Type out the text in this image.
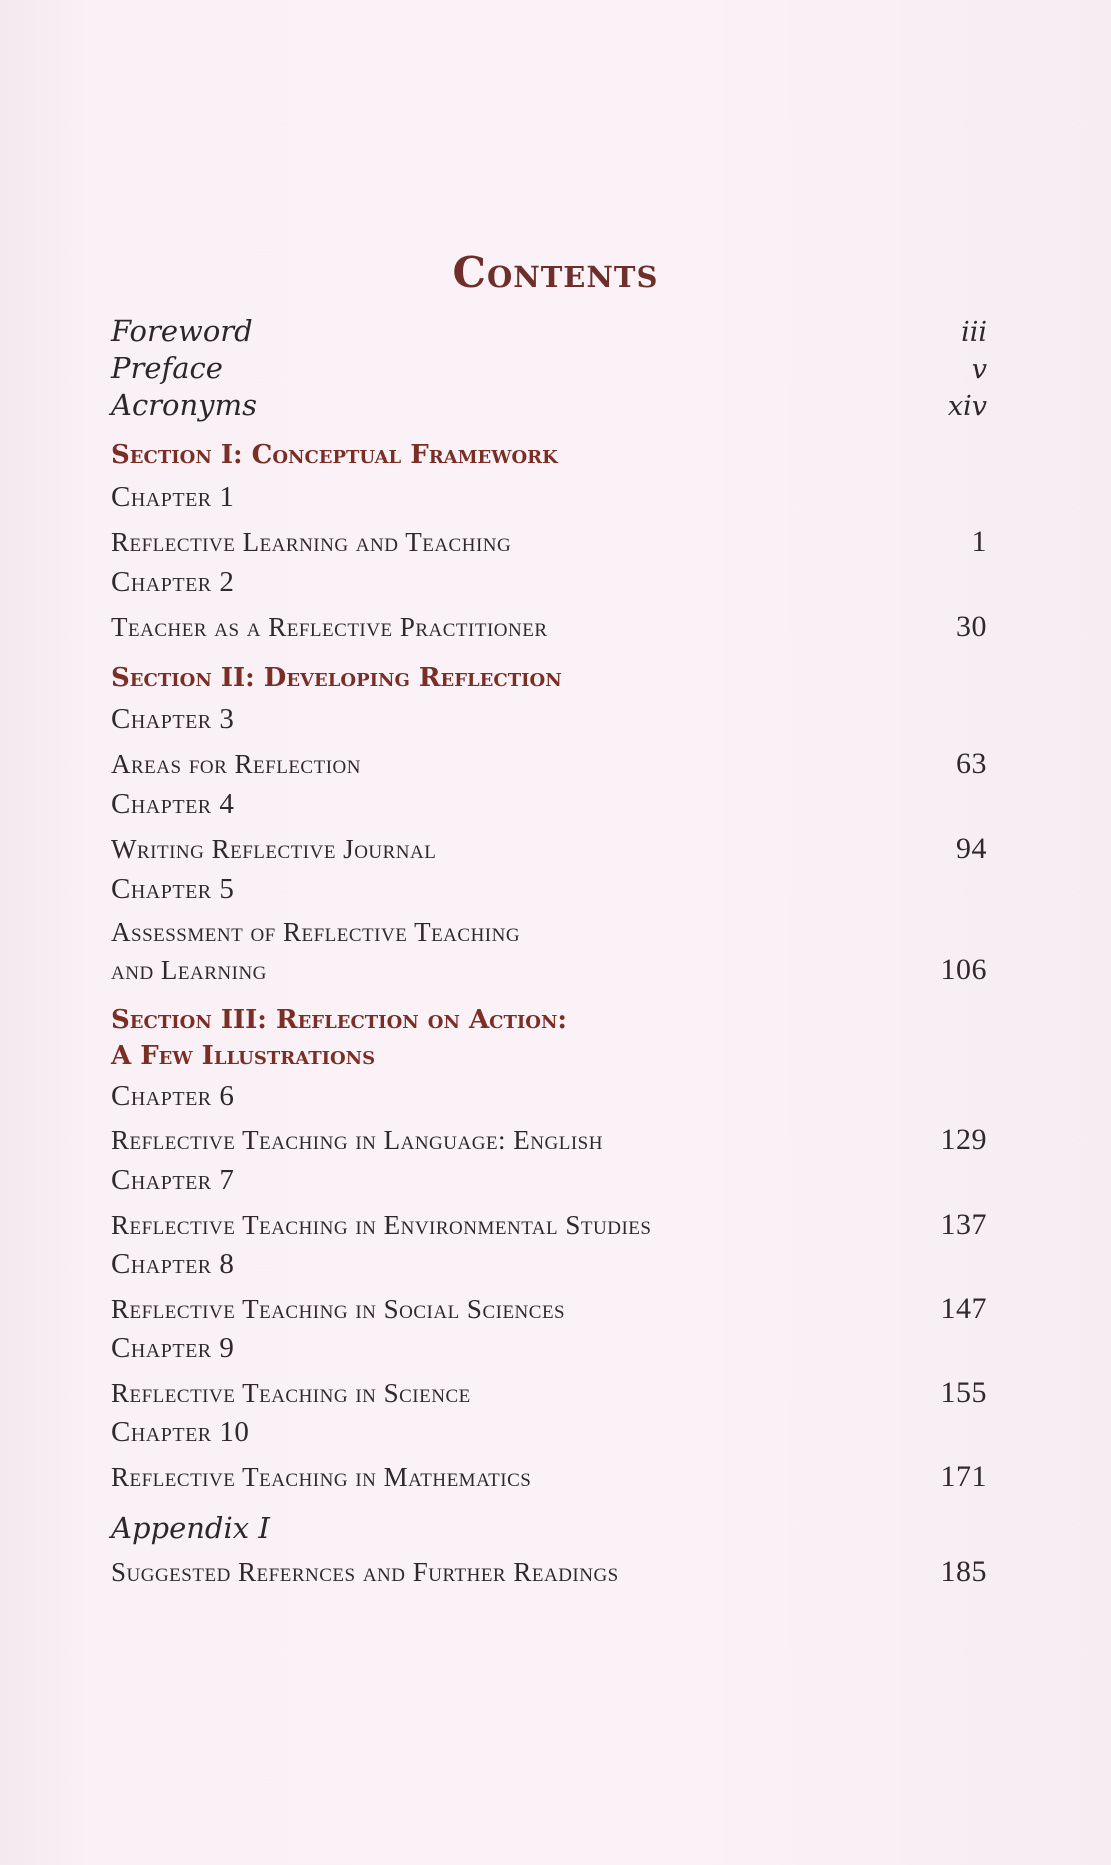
Contents
Foreword	iii
Preface	v
Acronyms	xiv
Section I: Conceptual Framework
Chapter 1
Reflective Learning and Teaching	1
Chapter 2
Teacher as a Reflective Practitioner	30
Section II: Developing Reflection
Chapter 3
Areas for Reflection	63
Chapter 4
Writing Reflective Journal	94
Chapter 5
Assessment of Reflective Teaching
and Learning	106
Section III: Reflection on Action:
A Few Illustrations
Chapter 6
Reflective Teaching in Language: English	129
Chapter 7
Reflective Teaching in Environmental Studies	137
Chapter 8
Reflective Teaching in Social Sciences	147
Chapter 9
Reflective Teaching in Science	155
Chapter 10
Reflective Teaching in Mathematics	171
Appendix I
Suggested Refernces and Further Readings	185
